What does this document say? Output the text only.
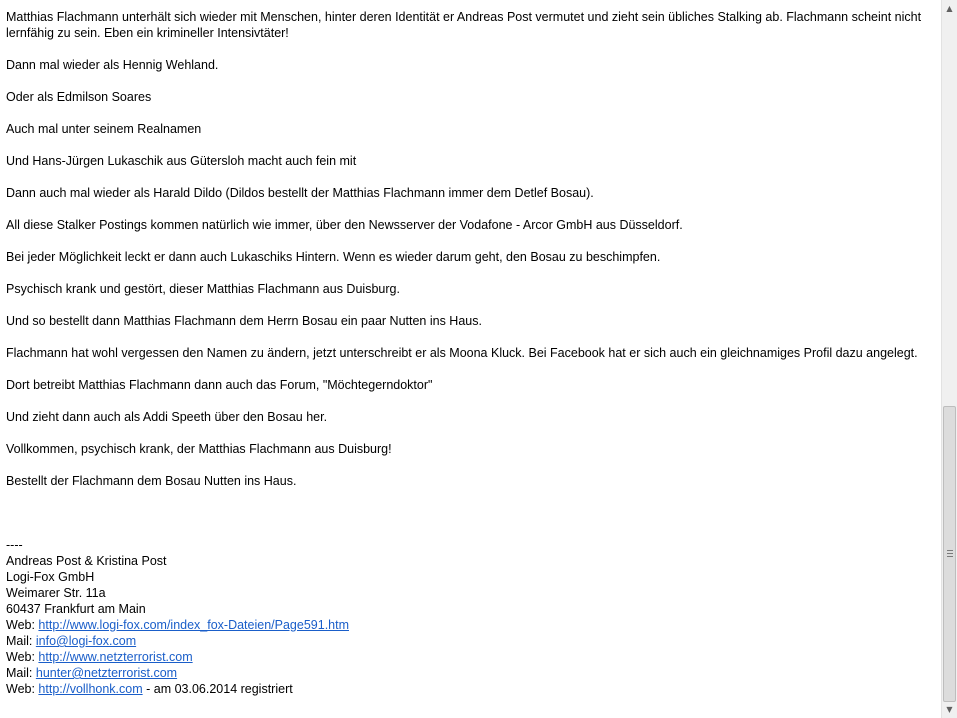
Matthias Flachmann unterhält sich wieder mit Menschen, hinter deren Identität er Andreas Post vermutet und zieht sein übliches Stalking ab. Flachmann scheint nicht lernfähig zu sein. Eben ein krimineller Intensivtäter!

Dann mal wieder als Hennig Wehland.

Oder als Edmilson Soares

Auch mal unter seinem Realnamen

Und Hans-Jürgen Lukaschik aus Gütersloh macht auch fein mit

Dann auch mal wieder als Harald Dildo (Dildos bestellt der Matthias Flachmann immer dem Detlef Bosau).

All diese Stalker Postings kommen natürlich wie immer, über den Newsserver der Vodafone - Arcor GmbH aus Düsseldorf.

Bei jeder Möglichkeit leckt er dann auch Lukaschiks Hintern. Wenn es wieder darum geht, den Bosau zu beschimpfen.

Psychisch krank und gestört, dieser Matthias Flachmann aus Duisburg.

Und so bestellt dann Matthias Flachmann dem Herrn Bosau ein paar Nutten ins Haus.

Flachmann hat wohl vergessen den Namen zu ändern, jetzt unterschreibt er als Moona Kluck. Bei Facebook hat er sich auch ein gleichnamiges Profil dazu angelegt.

Dort betreibt Matthias Flachmann dann auch das Forum, "Möchtegerndoktor"

Und zieht dann auch als Addi Speeth über den Bosau her.

Vollkommen, psychisch krank, der Matthias Flachmann aus Duisburg!

Bestellt der Flachmann dem Bosau Nutten ins Haus.

----
Andreas Post & Kristina Post
Logi-Fox GmbH
Weimarer Str. 11a
60437 Frankfurt am Main
Web: http://www.logi-fox.com/index_fox-Dateien/Page591.htm
Mail: info@logi-fox.com
Web: http://www.netzterrorist.com
Mail: hunter@netzterrorist.com
Web: http://vollhonk.com - am 03.06.2014 registriert
▲
▼
